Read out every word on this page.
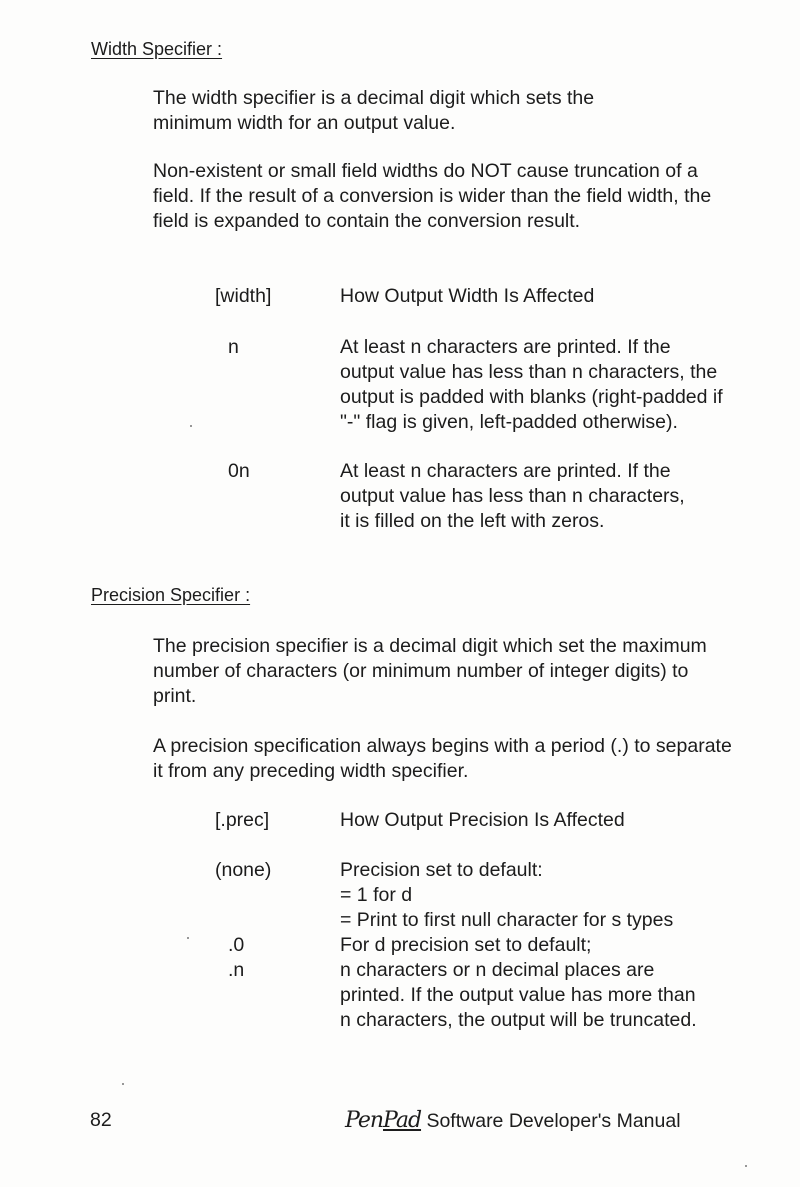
Width Specifier :

The width specifier is a decimal digit which sets the minimum width for an output value.

Non-existent or small field widths do NOT cause truncation of a field. If the result of a conversion is wider than the field width, the field is expanded to contain the conversion result.

[width]	How Output Width Is Affected
n	At least n characters are printed. If the output value has less than n characters, the output is padded with blanks (right-padded if "-" flag is given, left-padded otherwise).

0n	At least n characters are printed. If the output value has less than n characters, it is filled on the left with zeros.

Precision Specifier :

The precision specifier is a decimal digit which set the maximum number of characters (or minimum number of integer digits) to print.

A precision specification always begins with a period (.) to separate it from any preceding width specifier.

[.prec]	How Output Precision Is Affected
(none)	Precision set to default:
= 1 for d
= Print to first null character for s types
.0	For d precision set to default;
.n	n characters or n decimal places are printed. If the output value has more than n characters, the output will be truncated.

82	PenPad Software Developer's Manual
